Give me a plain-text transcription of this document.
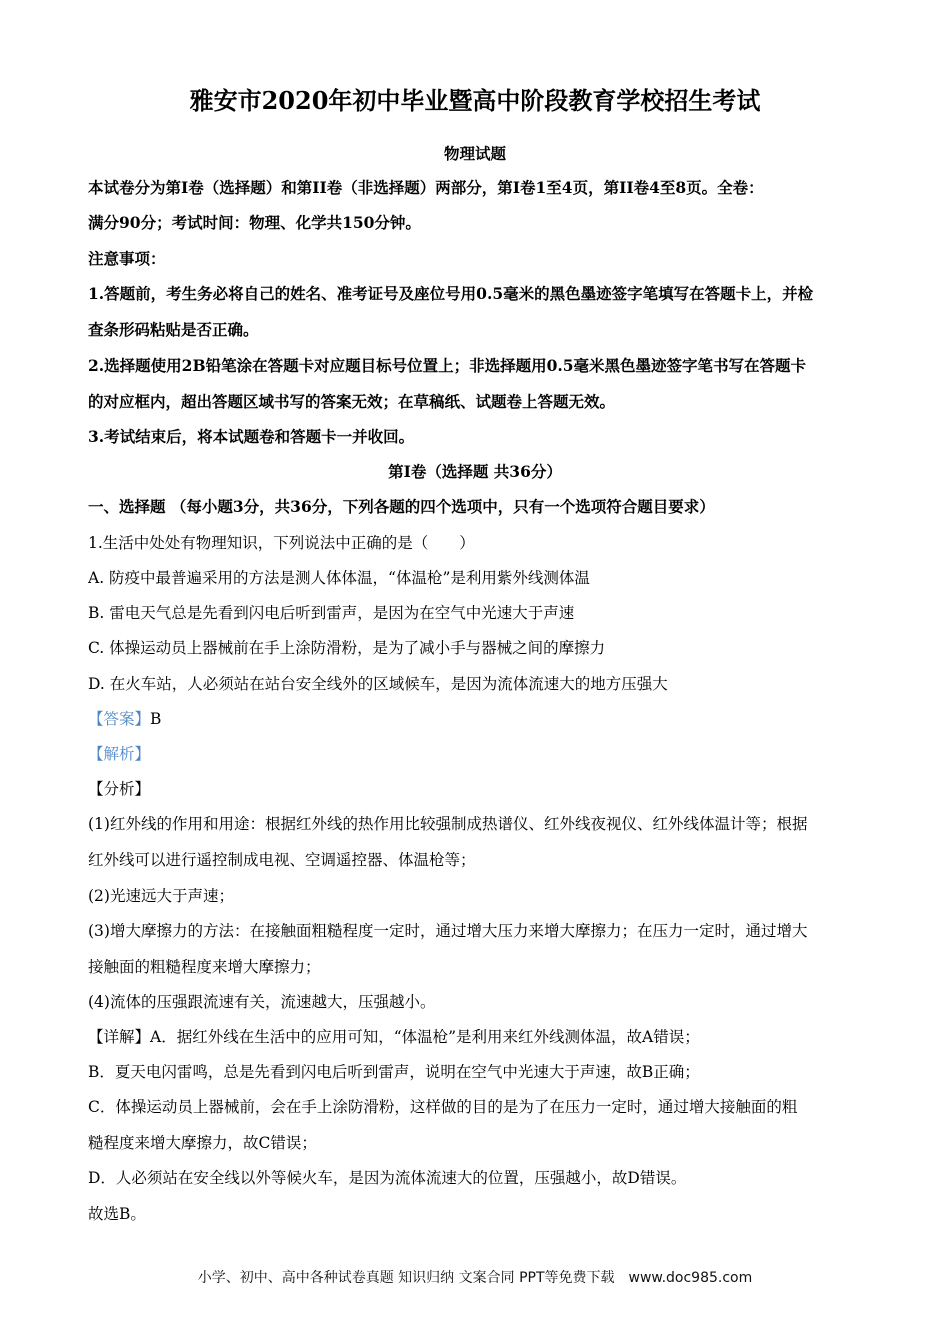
雅安市2020年初中毕业暨高中阶段教育学校招生考试
物理试题
本试卷分为第I卷（选择题）和第II卷（非选择题）两部分，第I卷1至4页，第II卷4至8页。全卷：
满分90分；考试时间：物理、化学共150分钟。
注意事项：
1.答题前，考生务必将自己的姓名、准考证号及座位号用0.5毫米的黑色墨迹签字笔填写在答题卡上，并检
查条形码粘贴是否正确。
2.选择题使用2B铅笔涂在答题卡对应题目标号位置上；非选择题用0.5毫米黑色墨迹签字笔书写在答题卡
的对应框内，超出答题区域书写的答案无效；在草稿纸、试题卷上答题无效。
3.考试结束后，将本试题卷和答题卡一并收回。
第I卷（选择题 共36分）
一、选择题 （每小题3分，共36分，下列各题的四个选项中，只有一个选项符合题目要求）
1.生活中处处有物理知识，下列说法中正确的是（　　）
A. 防疫中最普遍采用的方法是测人体体温，“体温枪”是利用紫外线测体温
B. 雷电天气总是先看到闪电后听到雷声，是因为在空气中光速大于声速
C. 体操运动员上器械前在手上涂防滑粉，是为了减小手与器械之间的摩擦力
D. 在火车站，人必须站在站台安全线外的区域候车，是因为流体流速大的地方压强大
【答案】B
【解析】
【分析】
(1)红外线的作用和用途：根据红外线的热作用比较强制成热谱仪、红外线夜视仪、红外线体温计等；根据
红外线可以进行遥控制成电视、空调遥控器、体温枪等；
(2)光速远大于声速；
(3)增大摩擦力的方法：在接触面粗糙程度一定时，通过增大压力来增大摩擦力；在压力一定时，通过增大
接触面的粗糙程度来增大摩擦力；
(4)流体的压强跟流速有关，流速越大，压强越小。
【详解】A．据红外线在生活中的应用可知，“体温枪”是利用来红外线测体温，故A错误；
B．夏天电闪雷鸣，总是先看到闪电后听到雷声，说明在空气中光速大于声速，故B正确；
C．体操运动员上器械前，会在手上涂防滑粉，这样做的目的是为了在压力一定时，通过增大接触面的粗
糙程度来增大摩擦力，故C错误；
D．人必须站在安全线以外等候火车，是因为流体流速大的位置，压强越小，故D错误。
故选B。
小学、初中、高中各种试卷真题 知识归纳 文案合同 PPT等免费下载　www.doc985.com
